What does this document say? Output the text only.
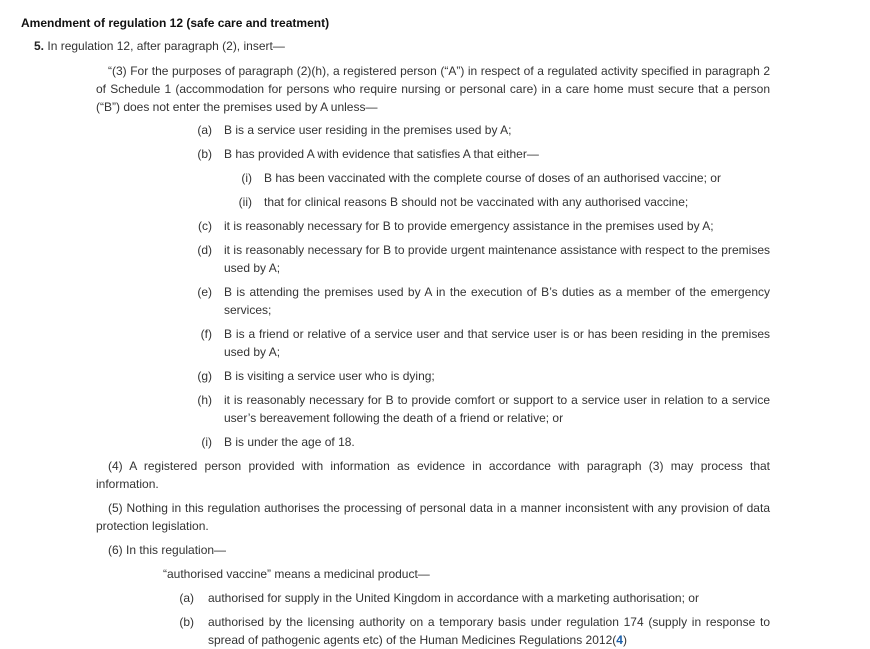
Amendment of regulation 12 (safe care and treatment)
5. In regulation 12, after paragraph (2), insert—
“(3) For the purposes of paragraph (2)(h), a registered person (“A”) in respect of a regulated activity specified in paragraph 2 of Schedule 1 (accommodation for persons who require nursing or personal care) in a care home must secure that a person (“B”) does not enter the premises used by A unless—
(a) B is a service user residing in the premises used by A;
(b) B has provided A with evidence that satisfies A that either—
(i) B has been vaccinated with the complete course of doses of an authorised vaccine; or
(ii) that for clinical reasons B should not be vaccinated with any authorised vaccine;
(c) it is reasonably necessary for B to provide emergency assistance in the premises used by A;
(d) it is reasonably necessary for B to provide urgent maintenance assistance with respect to the premises used by A;
(e) B is attending the premises used by A in the execution of B’s duties as a member of the emergency services;
(f) B is a friend or relative of a service user and that service user is or has been residing in the premises used by A;
(g) B is visiting a service user who is dying;
(h) it is reasonably necessary for B to provide comfort or support to a service user in relation to a service user’s bereavement following the death of a friend or relative; or
(i) B is under the age of 18.
(4) A registered person provided with information as evidence in accordance with paragraph (3) may process that information.
(5) Nothing in this regulation authorises the processing of personal data in a manner inconsistent with any provision of data protection legislation.
(6) In this regulation—
“authorised vaccine” means a medicinal product—
(a) authorised for supply in the United Kingdom in accordance with a marketing authorisation; or
(b) authorised by the licensing authority on a temporary basis under regulation 174 (supply in response to spread of pathogenic agents etc) of the Human Medicines Regulations 2012(4)
